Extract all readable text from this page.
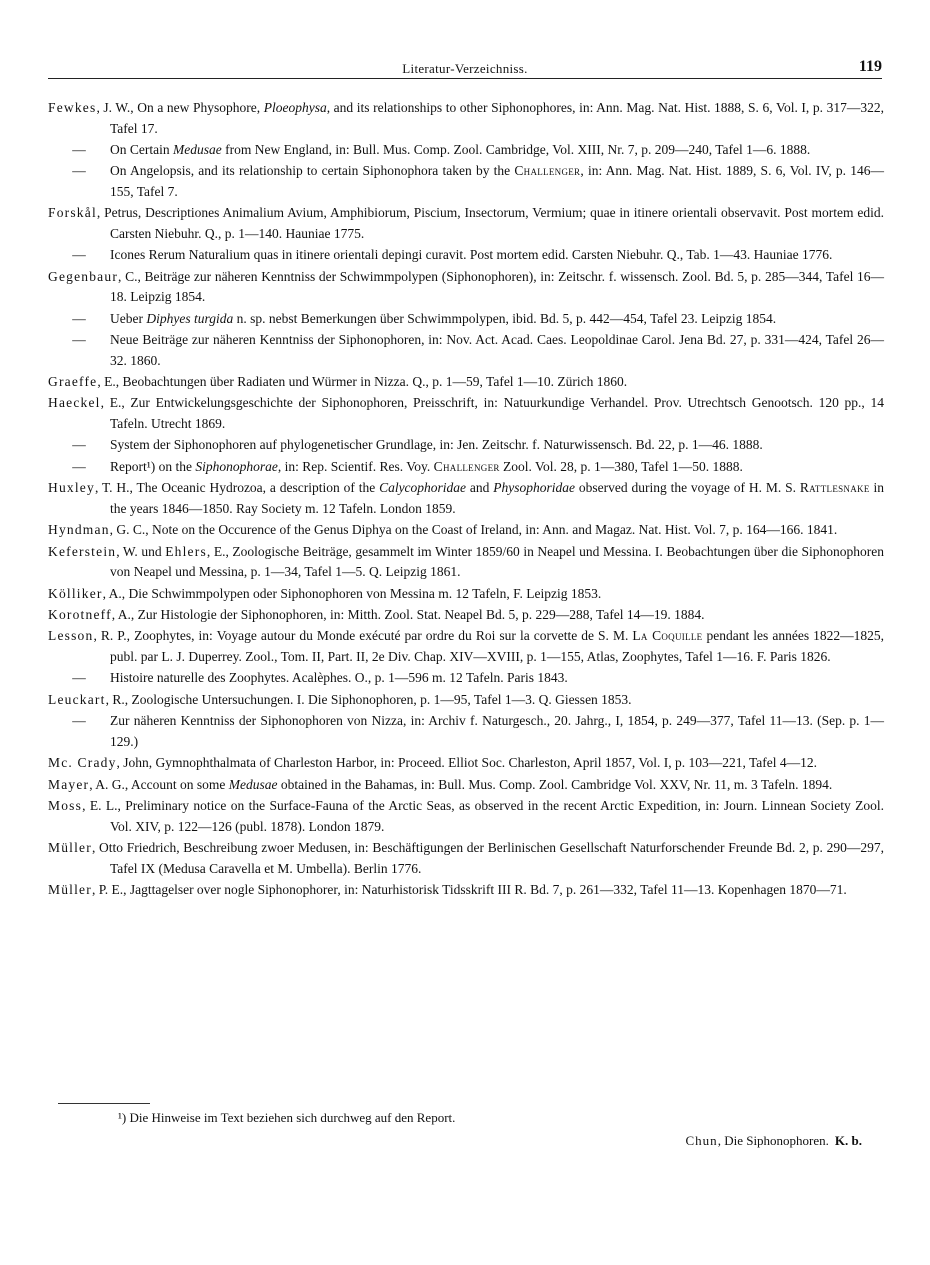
Literatur-Verzeichniss.	119
Fewkes, J. W., On a new Physophore, Ploeophysa, and its relationships to other Siphonophores, in: Ann. Mag. Nat. Hist. 1888, S. 6, Vol. I, p. 317—322, Tafel 17.
— On Certain Medusae from New England, in: Bull. Mus. Comp. Zool. Cambridge, Vol. XIII, Nr. 7, p. 209—240, Tafel 1—6. 1888.
— On Angelopsis, and its relationship to certain Siphonophora taken by the Challenger, in: Ann. Mag. Nat. Hist. 1889, S. 6, Vol. IV, p. 146—155, Tafel 7.
Forskål, Petrus, Descriptiones Animalium Avium, Amphibiorum, Piscium, Insectorum, Vermium; quae in itinere orientali observavit. Post mortem edid. Carsten Niebuhr. Q., p. 1—140. Hauniae 1775.
— Icones Rerum Naturalium quas in itinere orientali depingi curavit. Post mortem edid. Carsten Niebuhr. Q., Tab. 1—43. Hauniae 1776.
Gegenbaur, C., Beiträge zur näheren Kenntniss der Schwimmpolypen (Siphonophoren), in: Zeitschr. f. wissensch. Zool. Bd. 5, p. 285—344, Tafel 16—18. Leipzig 1854.
— Ueber Diphyes turgida n. sp. nebst Bemerkungen über Schwimmpolypen, ibid. Bd. 5, p. 442—454, Tafel 23. Leipzig 1854.
— Neue Beiträge zur näheren Kenntniss der Siphonophoren, in: Nov. Act. Acad. Caes. Leopoldinae Carol. Jena Bd. 27, p. 331—424, Tafel 26—32. 1860.
Graeffe, E., Beobachtungen über Radiaten und Würmer in Nizza. Q., p. 1—59, Tafel 1—10. Zürich 1860.
Haeckel, E., Zur Entwickelungsgeschichte der Siphonophoren, Preisschrift, in: Natuurkundige Verhandel. Prov. Utrechtsch Genootsch. 120 pp., 14 Tafeln. Utrecht 1869.
— System der Siphonophoren auf phylogenetischer Grundlage, in: Jen. Zeitschr. f. Naturwissensch. Bd. 22, p. 1—46. 1888.
— Report¹) on the Siphonophorae, in: Rep. Scientif. Res. Voy. Challenger Zool. Vol. 28, p. 1—380, Tafel 1—50. 1888.
Huxley, T. H., The Oceanic Hydrozoa, a description of the Calycophoridae and Physophoridae observed during the voyage of H. M. S. Rattlesnake in the years 1846—1850. Ray Society m. 12 Tafeln. London 1859.
Hyndman, G. C., Note on the Occurence of the Genus Diphya on the Coast of Ireland, in: Ann. and Magaz. Nat. Hist. Vol. 7, p. 164—166. 1841.
Keferstein, W. und Ehlers, E., Zoologische Beiträge, gesammelt im Winter 1859/60 in Neapel und Messina. I. Beobachtungen über die Siphonophoren von Neapel und Messina, p. 1—34, Tafel 1—5. Q. Leipzig 1861.
Kölliker, A., Die Schwimmpolypen oder Siphonophoren von Messina m. 12 Tafeln, F. Leipzig 1853.
Korotneff, A., Zur Histologie der Siphonophoren, in: Mitth. Zool. Stat. Neapel Bd. 5, p. 229—288, Tafel 14—19. 1884.
Lesson, R. P., Zoophytes, in: Voyage autour du Monde exécuté par ordre du Roi sur la corvette de S. M. La Coquille pendant les années 1822—1825, publ. par L. J. Duperrey. Zool., Tom. II, Part. II, 2e Div. Chap. XIV—XVIII, p. 1—155, Atlas, Zoophytes, Tafel 1—16. F. Paris 1826.
— Histoire naturelle des Zoophytes. Acalèphes. O., p. 1—596 m. 12 Tafeln. Paris 1843.
Leuckart, R., Zoologische Untersuchungen. I. Die Siphonophoren, p. 1—95, Tafel 1—3. Q. Giessen 1853.
— Zur näheren Kenntniss der Siphonophoren von Nizza, in: Archiv f. Naturgesch., 20. Jahrg., I, 1854, p. 249—377, Tafel 11—13. (Sep. p. 1—129.)
Mc. Crady, John, Gymnophthalmata of Charleston Harbor, in: Proceed. Elliot Soc. Charleston, April 1857, Vol. I, p. 103—221, Tafel 4—12.
Mayer, A. G., Account on some Medusae obtained in the Bahamas, in: Bull. Mus. Comp. Zool. Cambridge Vol. XXV, Nr. 11, m. 3 Tafeln. 1894.
Moss, E. L., Preliminary notice on the Surface-Fauna of the Arctic Seas, as observed in the recent Arctic Expedition, in: Journ. Linnean Society Zool. Vol. XIV, p. 122—126 (publ. 1878). London 1879.
Müller, Otto Friedrich, Beschreibung zwoer Medusen, in: Beschäftigungen der Berlinischen Gesellschaft Naturforschender Freunde Bd. 2, p. 290—297, Tafel IX (Medusa Caravella et M. Umbella). Berlin 1776.
Müller, P. E., Jagttagelser over nogle Siphonophorer, in: Naturhistorisk Tidsskrift III R. Bd. 7, p. 261—332, Tafel 11—13. Kopenhagen 1870—71.
¹) Die Hinweise im Text beziehen sich durchweg auf den Report.
Chun, Die Siphonophoren. K. b.
